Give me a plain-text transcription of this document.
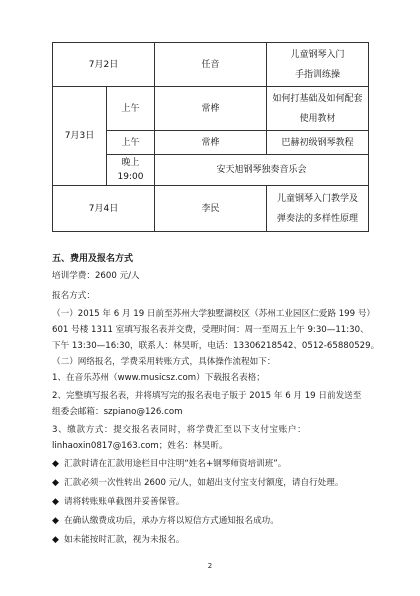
7月2日		任音	儿童钢琴入门
手指训练操

7月3日	上午	常桦	如何打基础及如何配套
使用教材

	上午	常桦	巴赫初级钢琴教程
	晚上 19:00	安天旭钢琴独奏音乐会	
7月4日		李民	儿童钢琴入门教学及
弹奏法的多样性原理
五、费用及报名方式
培训学费：2600 元/人
报名方式：
（一）2015 年 6 月 19 日前至苏州大学独墅湖校区（苏州工业园区仁爱路 199 号）
601 号楼 1311 室填写报名表并交费，受理时间：周一至周五上午 9:30—11:30、
下午 13:30—16:30，联系人：林昊昕，电话：13306218542、0512-65880529。
（二）网络报名，学费采用转账方式，具体操作流程如下：
1、在音乐苏州（www.musicsz.com）下载报名表格；
2、完整填写报名表，并将填写完的报名表电子版于 2015 年 6 月 19 日前发送至
组委会邮箱：szpiano@126.com
3、缴款方式：提交报名表同时，将学费汇至以下支付宝账户：
linhaoxin0817@163.com；姓名：林昊昕。
◆ 汇款时请在汇款用途栏目中注明“姓名+钢琴师资培训班”。
◆ 汇款必须一次性转出 2600 元/人，如超出支付宝支付额度，请自行处理。
◆ 请将转账账单截图并妥善保管。
◆ 在确认缴费成功后，承办方将以短信方式通知报名成功。
◆ 如未能按时汇款，视为未报名。
2
